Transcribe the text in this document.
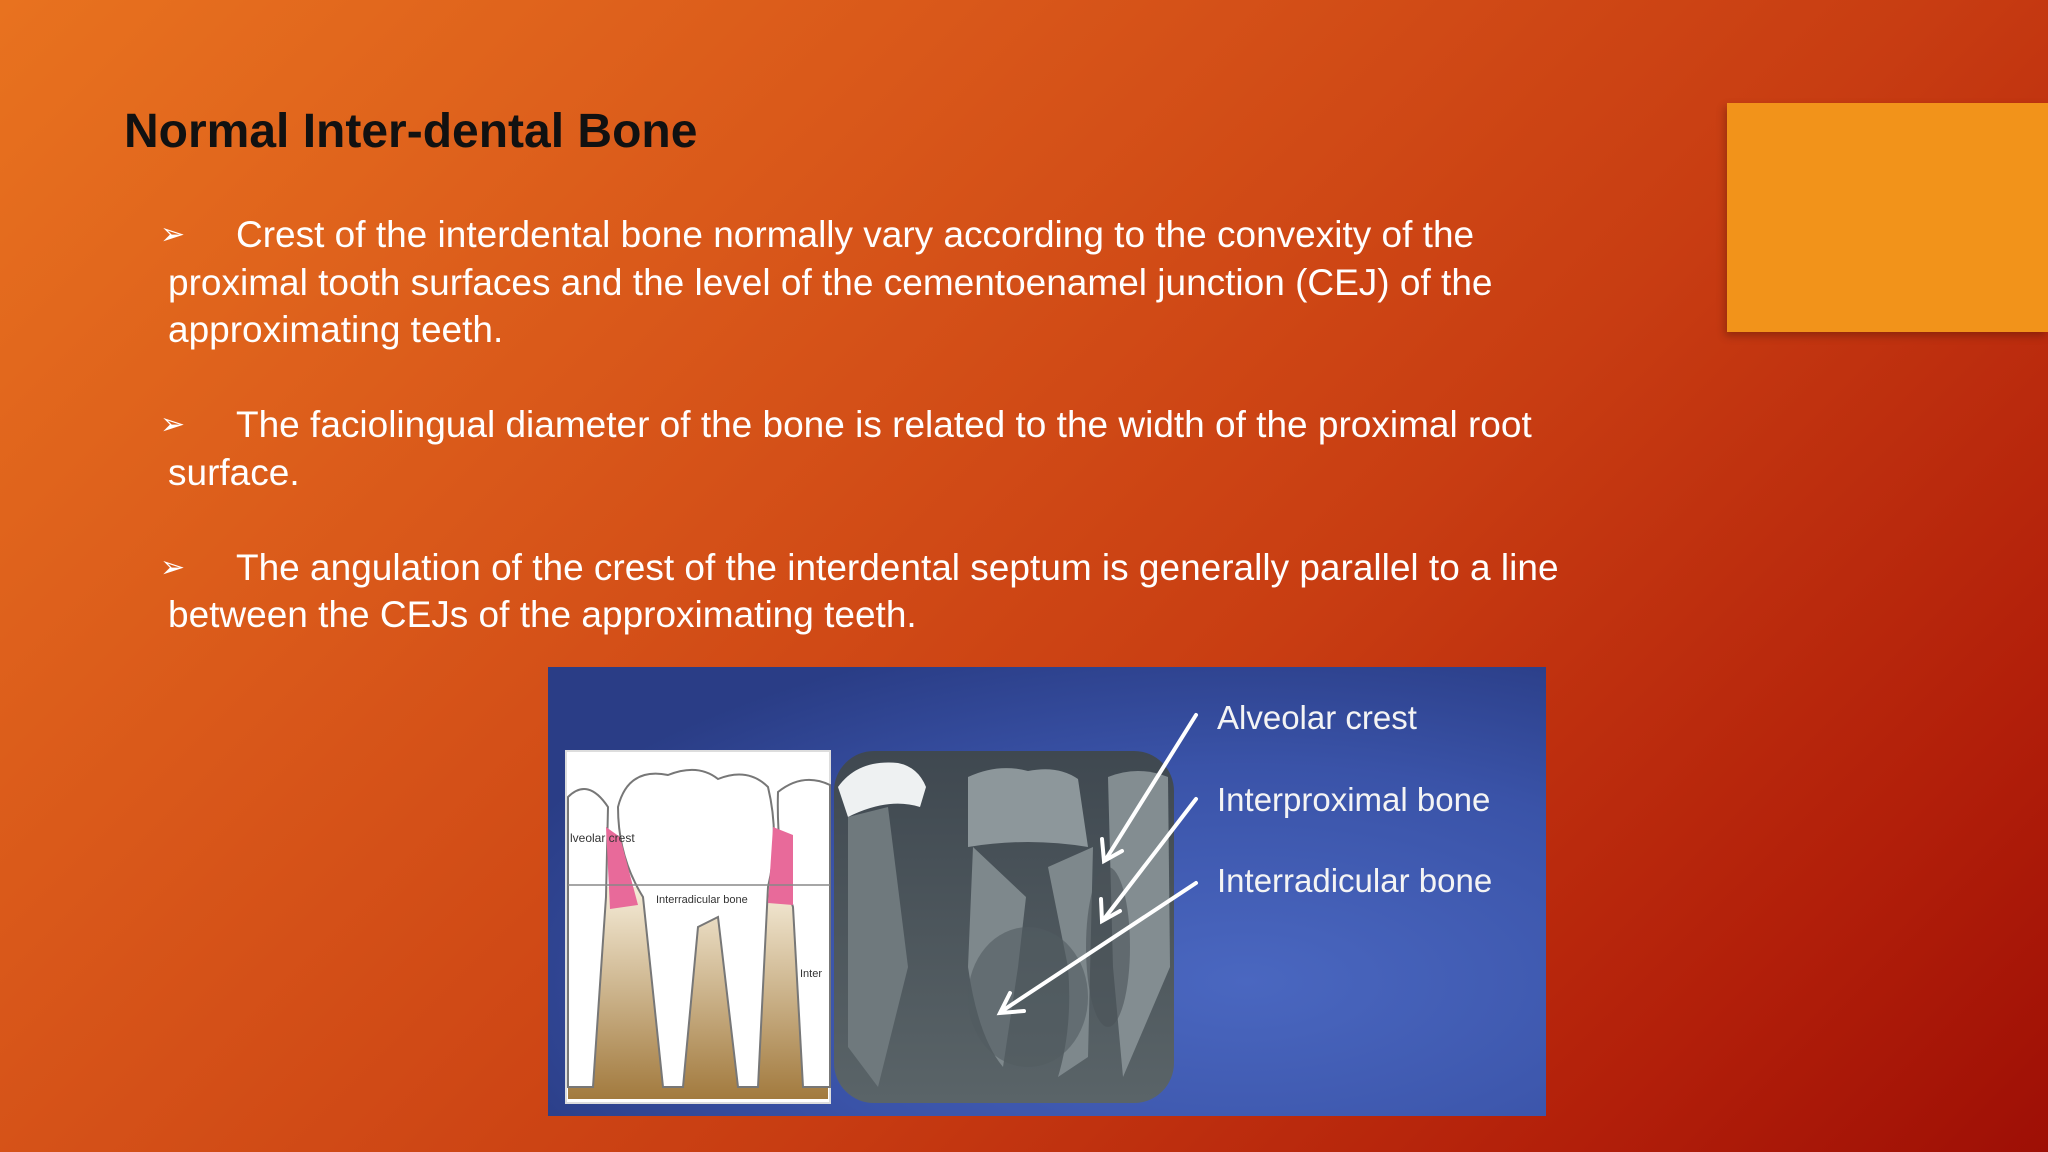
Normal Inter-dental Bone
➢	Crest of the interdental bone normally vary according to the convexity of the proximal tooth surfaces and the level of the cementoenamel junction (CEJ) of the approximating teeth.
➢	The faciolingual diameter of the bone is related to the width of the proximal root surface.
➢	The angulation of the crest of the interdental septum is generally parallel to a line between the CEJs of the approximating teeth.
lveolar crest
Interradicular bone
Inter
Alveolar crest
Interproximal bone
Interradicular bone
